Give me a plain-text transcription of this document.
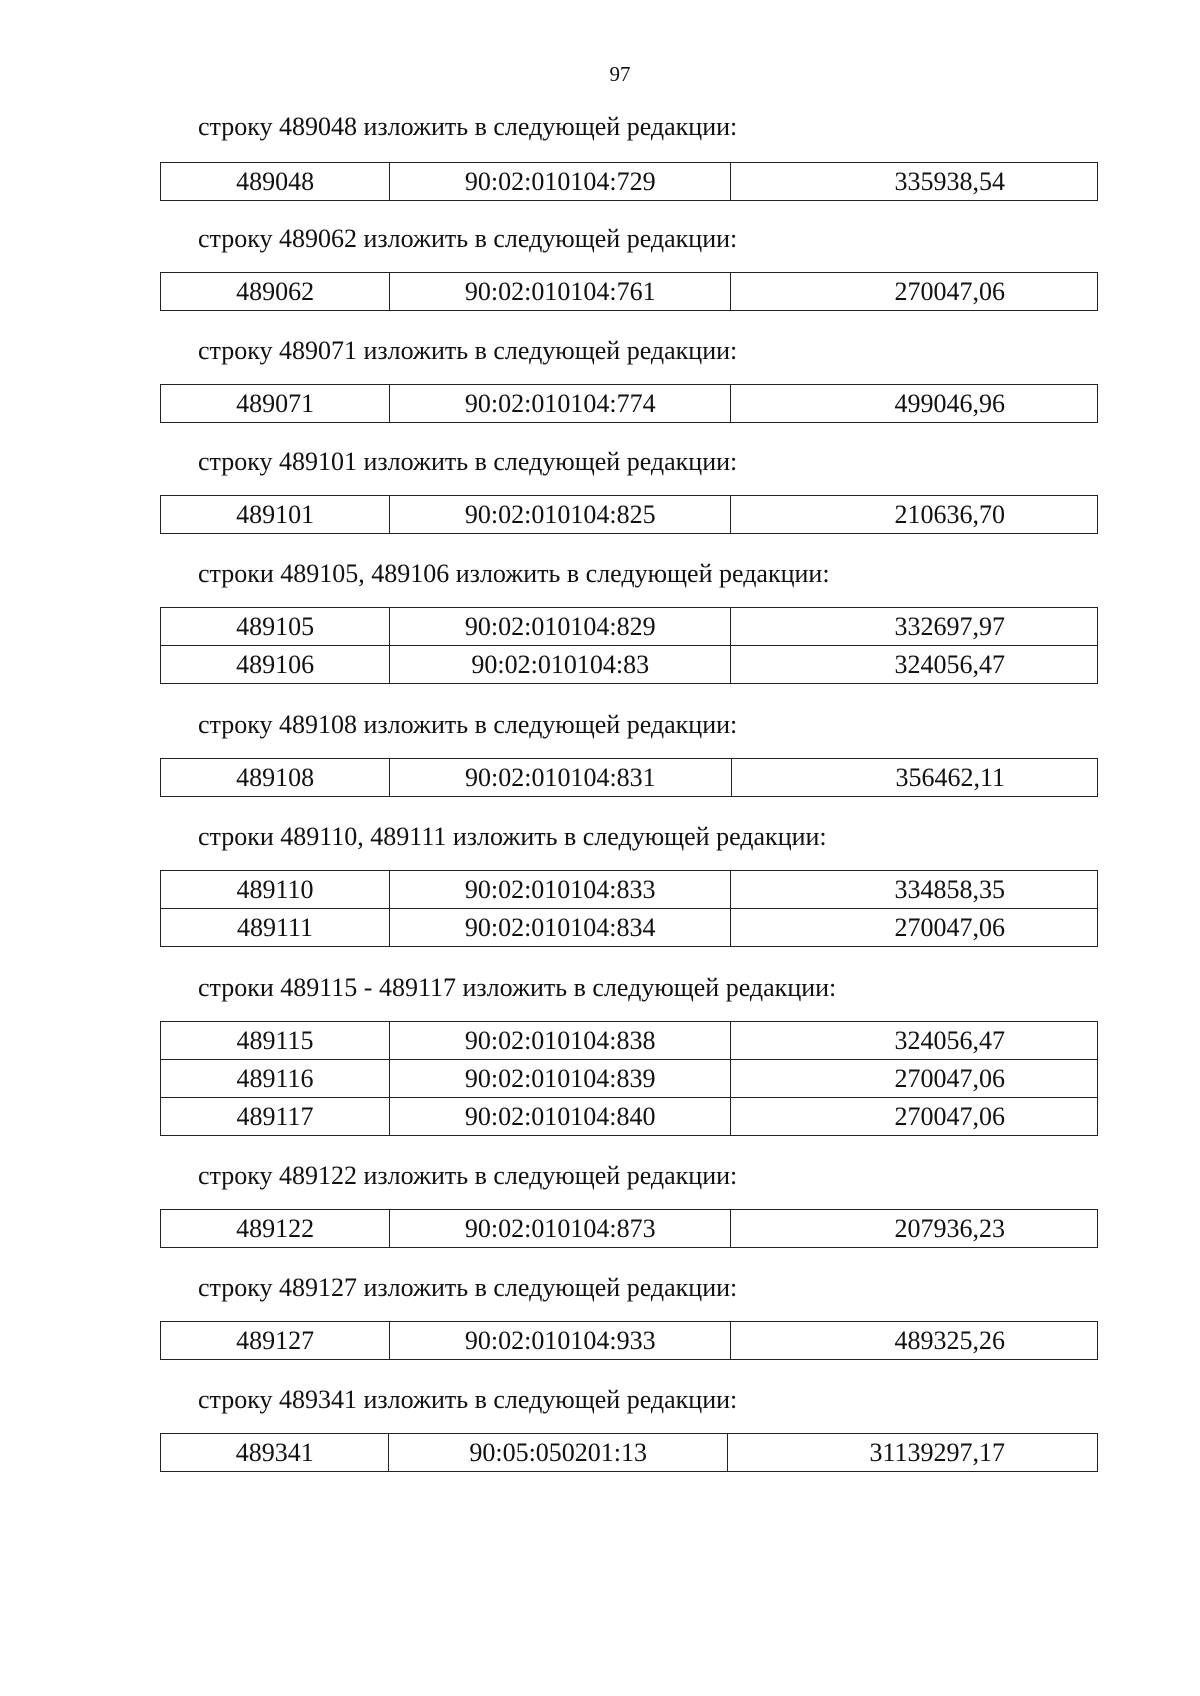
97
строку 489048 изложить в следующей редакции:
489048	90:02:010104:729	335938,54
строку 489062 изложить в следующей редакции:
489062	90:02:010104:761	270047,06
строку 489071 изложить в следующей редакции:
489071	90:02:010104:774	499046,96
строку 489101 изложить в следующей редакции:
489101	90:02:010104:825	210636,70
строки 489105, 489106 изложить в следующей редакции:
489105	90:02:010104:829	332697,97
489106	90:02:010104:83	324056,47
строку 489108 изложить в следующей редакции:
489108	90:02:010104:831	356462,11
строки 489110, 489111 изложить в следующей редакции:
489110	90:02:010104:833	334858,35
489111	90:02:010104:834	270047,06
строки 489115 - 489117 изложить в следующей редакции:
489115	90:02:010104:838	324056,47
489116	90:02:010104:839	270047,06
489117	90:02:010104:840	270047,06
строку 489122 изложить в следующей редакции:
489122	90:02:010104:873	207936,23
строку 489127 изложить в следующей редакции:
489127	90:02:010104:933	489325,26
строку 489341 изложить в следующей редакции:
489341	90:05:050201:13	31139297,17
